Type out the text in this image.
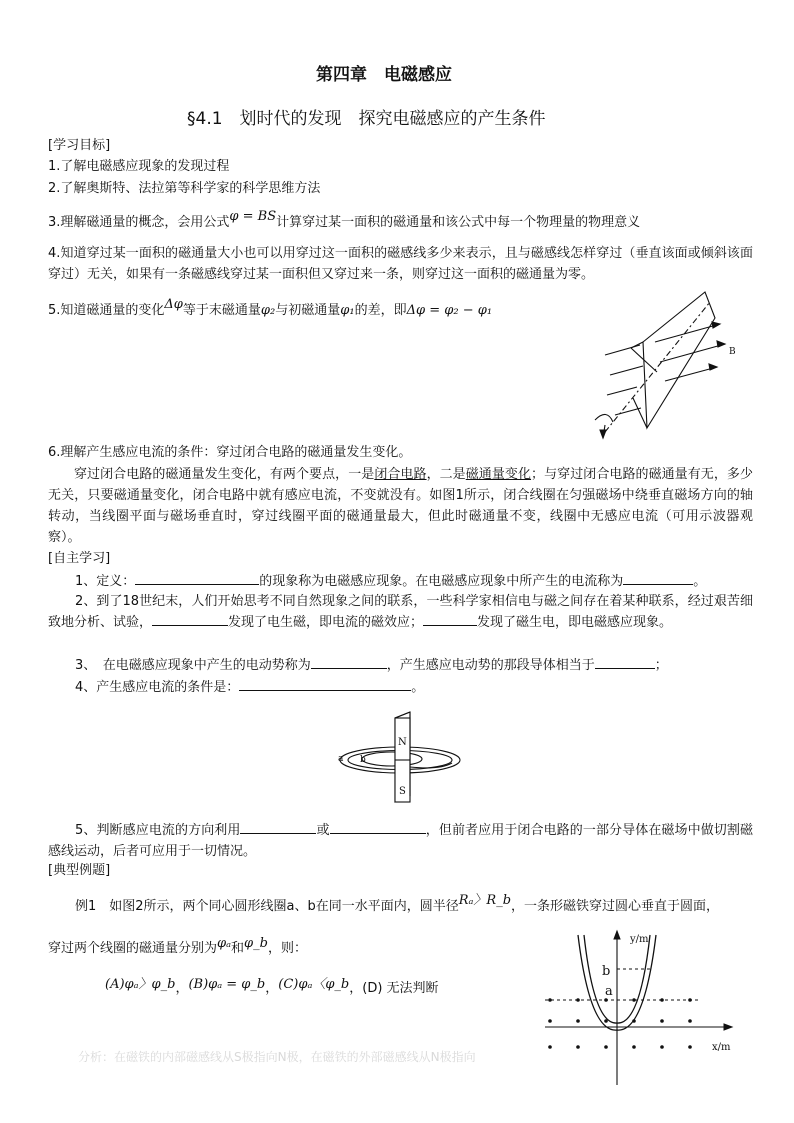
第四章　电磁感应
§4.1　划时代的发现　探究电磁感应的产生条件
[学习目标]
1.了解电磁感应现象的发现过程
2.了解奥斯特、法拉第等科学家的科学思维方法
3.理解磁通量的概念，会用公式φ = BS计算穿过某一面积的磁通量和该公式中每一个物理量的物理意义
4.知道穿过某一面积的磁通量大小也可以用穿过这一面积的磁感线多少来表示，且与磁感线怎样穿过（垂直该面或倾斜该面穿过）无关，如果有一条磁感线穿过某一面积但又穿过来一条，则穿过这一面积的磁通量为零。
5.知道磁通量的变化Δφ等于末磁通量φ₂与初磁通量φ₁的差，即Δφ = φ₂ − φ₁
B
6.理解产生感应电流的条件：穿过闭合电路的磁通量发生变化。
穿过闭合电路的磁通量发生变化，有两个要点，一是闭合电路，二是磁通量变化；与穿过闭合电路的磁通量有无，多少无关，只要磁通量变化，闭合电路中就有感应电流，不变就没有。如图1所示，闭合线圈在匀强磁场中绕垂直磁场方向的轴转动，当线圈平面与磁场垂直时，穿过线圈平面的磁通量最大，但此时磁通量不变，线圈中无感应电流（可用示波器观察）。
[自主学习]
1、定义：	的现象称为电磁感应现象。在电磁感应现象中所产生的电流称为	。
2、到了18世纪末，人们开始思考不同自然现象之间的联系，一些科学家相信电与磁之间存在着某种联系，经过艰苦细致地分析、试验，	发现了电生磁，即电流的磁效应；	发现了磁生电，即电磁感应现象。
3、　在电磁感应现象中产生的电动势称为	，产生感应电动势的那段导体相当于	；
4、产生感应电流的条件是：	。
N
S
a b
5、判断感应电流的方向利用	或	，但前者应用于闭合电路的一部分导体在磁场中做切割磁感线运动，后者可应用于一切情况。
[典型例题]
例1　如图2所示，两个同心圆形线圈a、b在同一水平面内，圆半径Rₐ〉R_b，一条形磁铁穿过圆心垂直于圆面，
穿过两个线圈的磁通量分别为φₐ和φ_b，则：
(A)φₐ〉φ_b，(B)φₐ = φ_b，(C)φₐ〈φ_b，(D) 无法判断
分析：在磁铁的内部磁感线从S极指向N极，在磁铁的外部磁感线从N极指向
y/m
x/m
b
a
